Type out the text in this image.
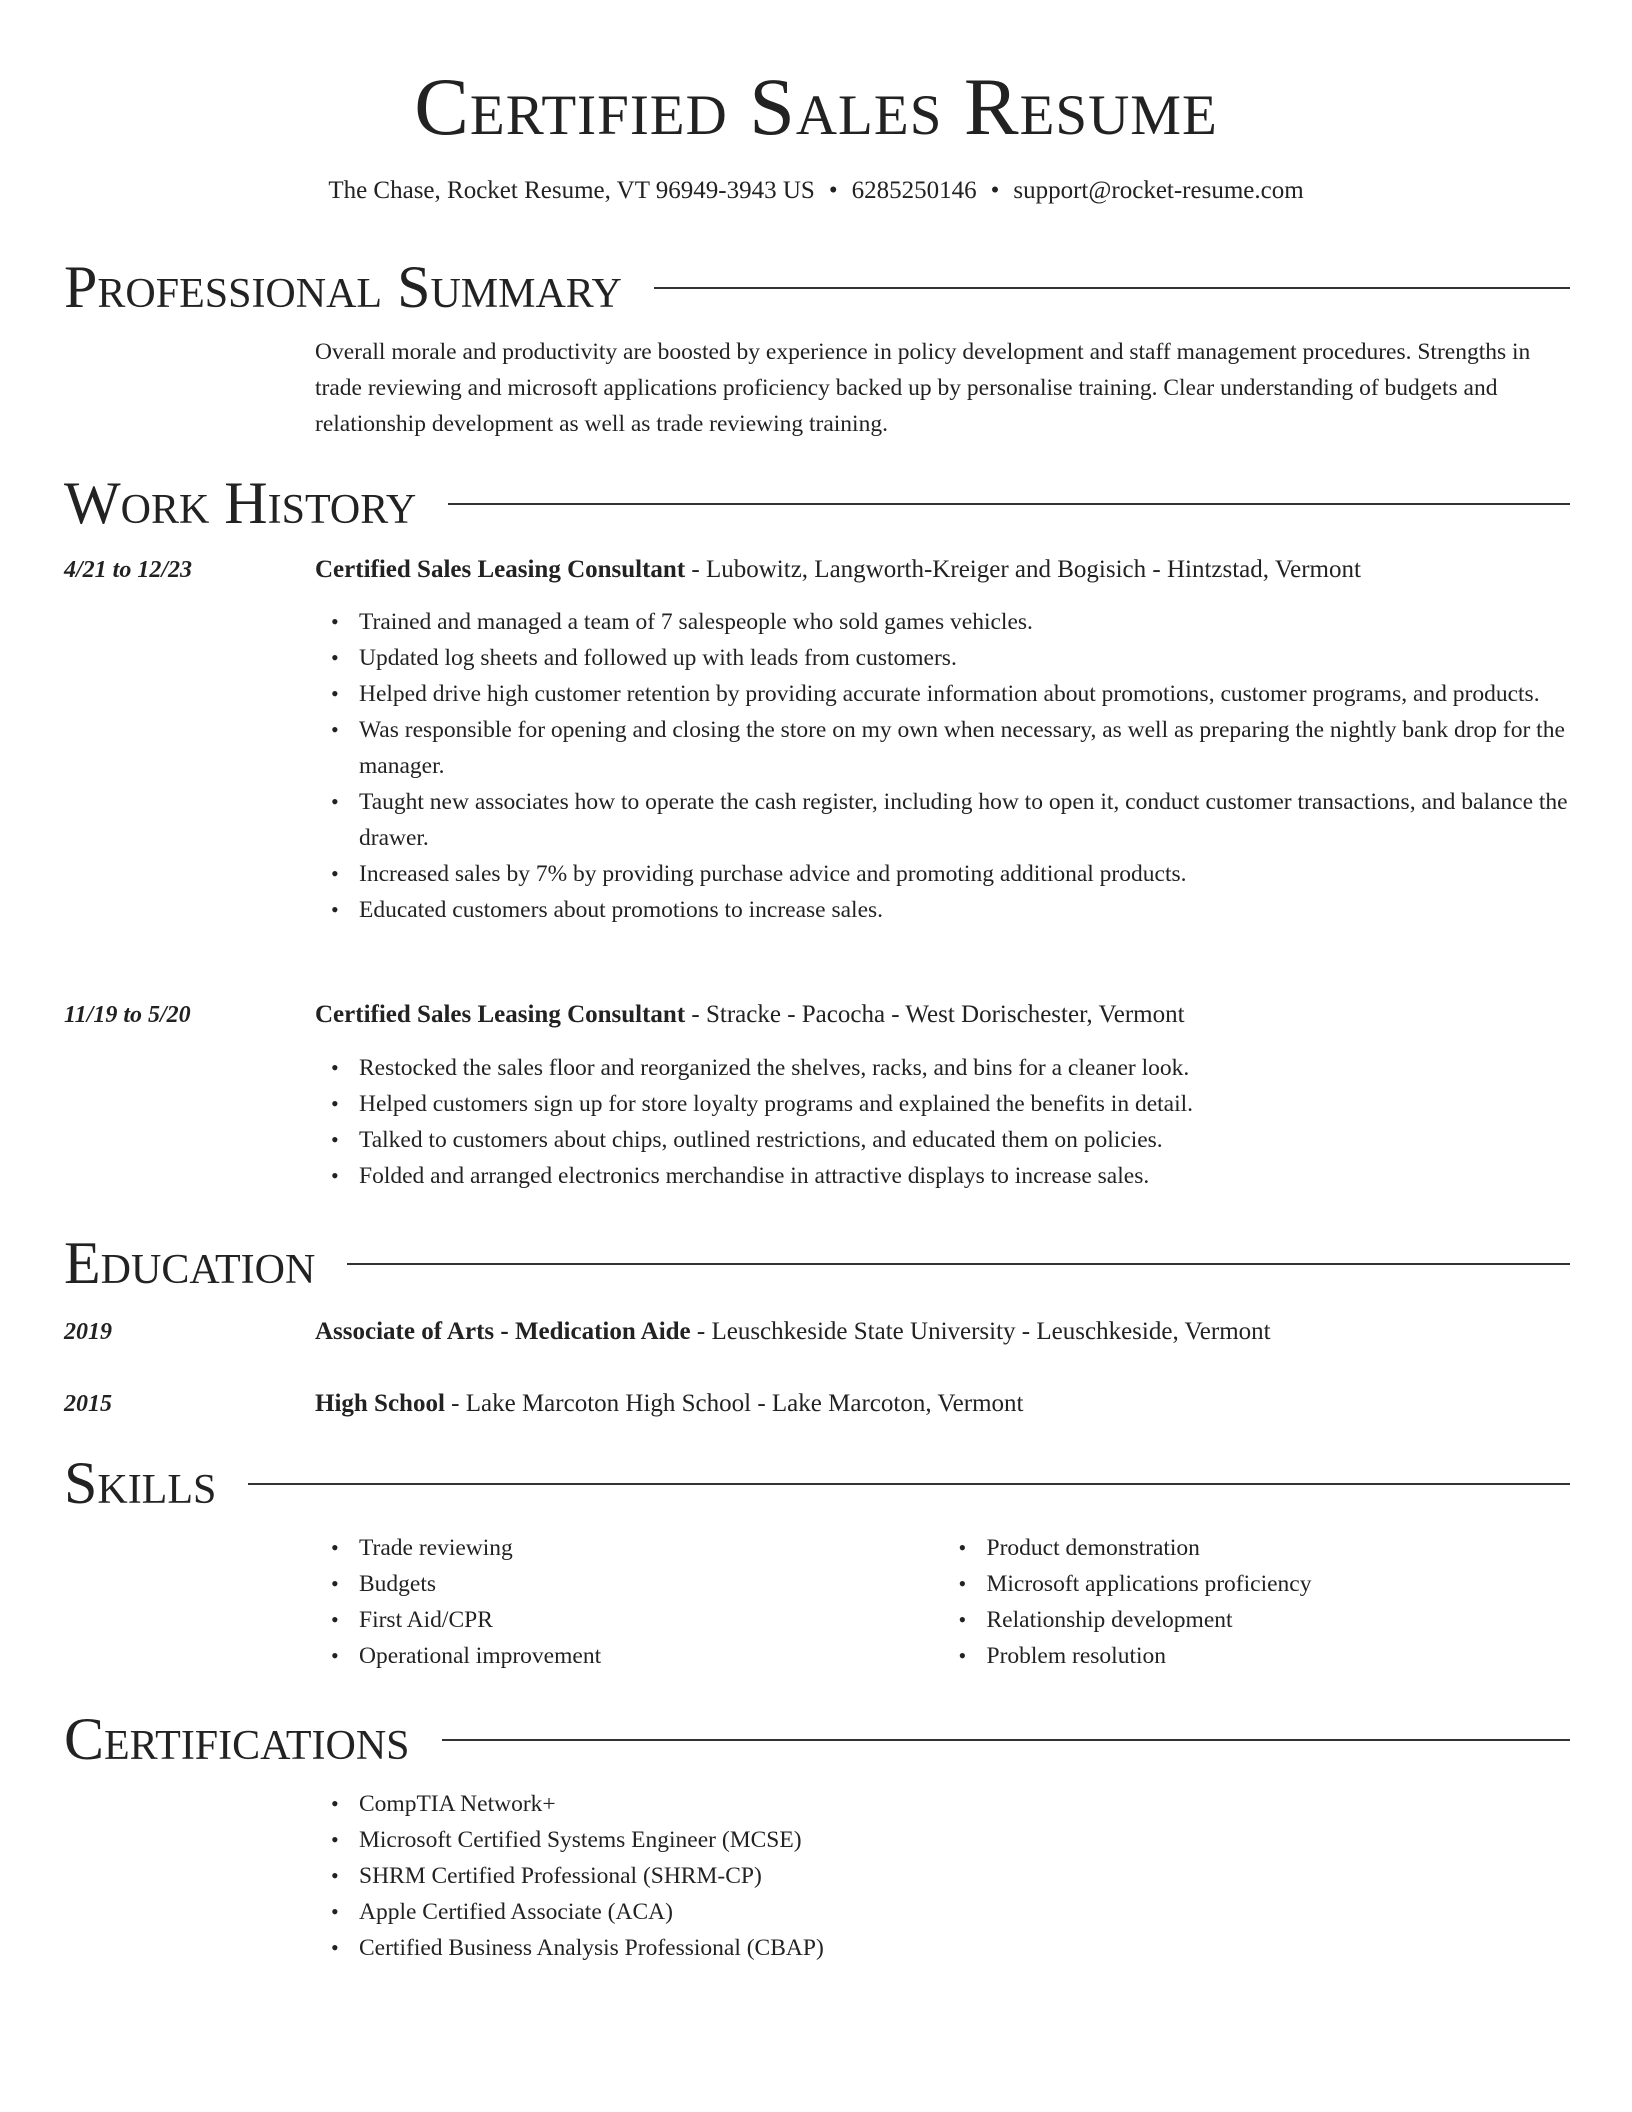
Certified Sales Resume
The Chase, Rocket Resume, VT 96949-3943 US • 6285250146 • support@rocket-resume.com
Professional Summary

Overall morale and productivity are boosted by experience in policy development and staff management procedures. Strengths in trade reviewing and microsoft applications proficiency backed up by personalise training. Clear understanding of budgets and relationship development as well as trade reviewing training.

Work History
4/21 to 12/23	Certified Sales Leasing Consultant - Lubowitz, Langworth-Kreiger and Bogisich - Hintzstad, Vermont
• Trained and managed a team of 7 salespeople who sold games vehicles.
• Updated log sheets and followed up with leads from customers.
• Helped drive high customer retention by providing accurate information about promotions, customer programs, and products.
• Was responsible for opening and closing the store on my own when necessary, as well as preparing the nightly bank drop for the manager.
• Taught new associates how to operate the cash register, including how to open it, conduct customer transactions, and balance the drawer.
• Increased sales by 7% by providing purchase advice and promoting additional products.
• Educated customers about promotions to increase sales.
11/19 to 5/20	Certified Sales Leasing Consultant - Stracke - Pacocha - West Dorischester, Vermont
• Restocked the sales floor and reorganized the shelves, racks, and bins for a cleaner look.
• Helped customers sign up for store loyalty programs and explained the benefits in detail.
• Talked to customers about chips, outlined restrictions, and educated them on policies.
• Folded and arranged electronics merchandise in attractive displays to increase sales.
Education
2019	Associate of Arts - Medication Aide - Leuschkeside State University - Leuschkeside, Vermont
2015	High School - Lake Marcoton High School - Lake Marcoton, Vermont
Skills
• Trade reviewing
• Budgets
• First Aid/CPR
• Operational improvement
• Product demonstration
• Microsoft applications proficiency
• Relationship development
• Problem resolution
Certifications
• CompTIA Network+
• Microsoft Certified Systems Engineer (MCSE)
• SHRM Certified Professional (SHRM-CP)
• Apple Certified Associate (ACA)
• Certified Business Analysis Professional (CBAP)
